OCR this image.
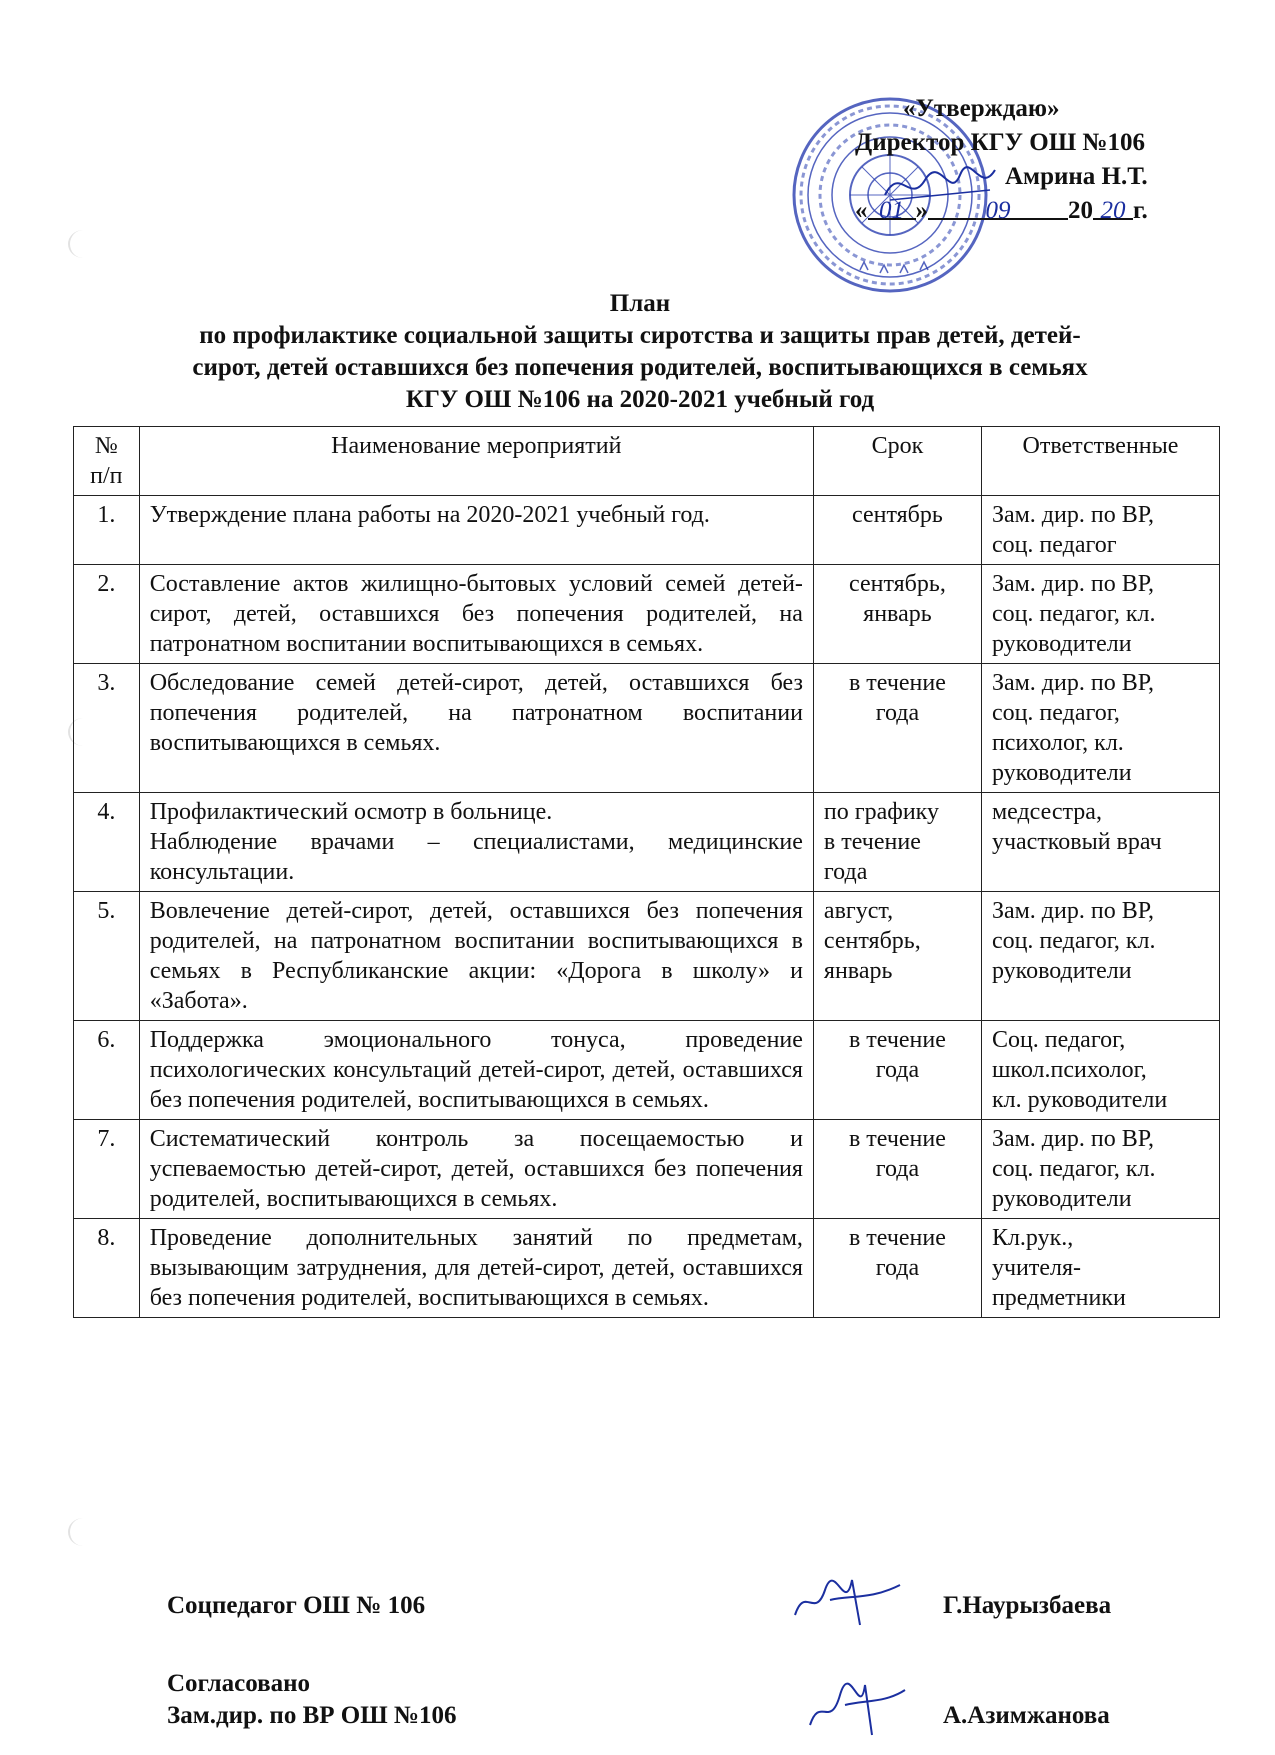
«Утверждаю»
Директор КГУ ОШ №106
Амрина Н.Т.
« 01 » 09 20 20 г.
План
по профилактике социальной защиты сиротства и защиты прав детей, детей-
сирот, детей оставшихся без попечения родителей, воспитывающихся в семьях
КГУ ОШ №106 на 2020-2021 учебный год
№ п/п	Наименование мероприятий	Срок	Ответственные
1.	Утверждение плана работы на 2020-2021 учебный год.	сентябрь	Зам. дир. по ВР,
соц. педагог
2.	Составление актов жилищно-бытовых условий семей детей-сирот, детей, оставшихся без попечения родителей, на патронатном воспитании воспитывающихся в семьях.	сентябрь,
январь	Зам. дир. по ВР,
соц. педагог, кл.
руководители
3.	Обследование семей детей-сирот, детей, оставшихся без попечения родителей, на патронатном воспитании воспитывающихся в семьях.	в течение
года	Зам. дир. по ВР,
соц. педагог,
психолог, кл.
руководители
4.	Профилактический осмотр в больнице.
Наблюдение врачами – специалистами, медицинские консультации.	по графику
в течение
года	медсестра,
участковый врач
5.	Вовлечение детей-сирот, детей, оставшихся без попечения родителей, на патронатном воспитании воспитывающихся в семьях в Республиканские акции: «Дорога в школу» и «Забота».	август,
сентябрь,
январь	Зам. дир. по ВР,
соц. педагог, кл.
руководители
6.	Поддержка эмоционального тонуса, проведение психологических консультаций детей-сирот, детей, оставшихся без попечения родителей, воспитывающихся в семьях.	в течение
года	Соц. педагог,
школ.психолог,
кл. руководители
7.	Систематический контроль за посещаемостью и успеваемостью детей-сирот, детей, оставшихся без попечения родителей, воспитывающихся в семьях.	в течение
года	Зам. дир. по ВР,
соц. педагог, кл.
руководители
8.	Проведение дополнительных занятий по предметам, вызывающим затруднения, для детей-сирот, детей, оставшихся без попечения родителей, воспитывающихся в семьях.	в течение
года	Кл.рук.,
учителя-
предметники
Соцпедагог ОШ № 106	Г.Наурызбаева
Согласовано
Зам.дир. по ВР ОШ №106	А.Азимжанова
